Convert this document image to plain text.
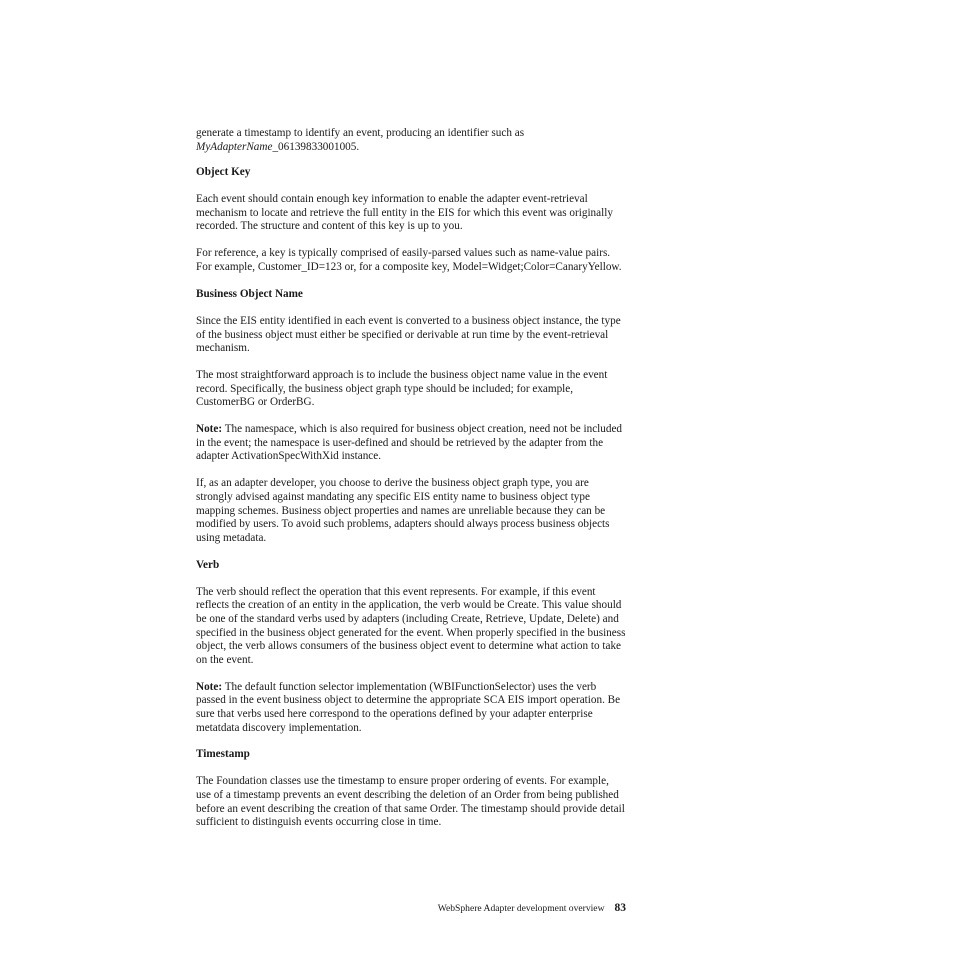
generate a timestamp to identify an event, producing an identifier such as
MyAdapterName_06139833001005.

Object Key

Each event should contain enough key information to enable the adapter event-retrieval mechanism to locate and retrieve the full entity in the EIS for which this event was originally recorded. The structure and content of this key is up to you.

For reference, a key is typically comprised of easily-parsed values such as name-value pairs. For example, Customer_ID=123 or, for a composite key, Model=Widget;Color=CanaryYellow.

Business Object Name

Since the EIS entity identified in each event is converted to a business object instance, the type of the business object must either be specified or derivable at run time by the event-retrieval mechanism.

The most straightforward approach is to include the business object name value in the event record. Specifically, the business object graph type should be included; for example, CustomerBG or OrderBG.

Note: The namespace, which is also required for business object creation, need not be included in the event; the namespace is user-defined and should be retrieved by the adapter from the adapter ActivationSpecWithXid instance.

If, as an adapter developer, you choose to derive the business object graph type, you are strongly advised against mandating any specific EIS entity name to business object type mapping schemes. Business object properties and names are unreliable because they can be modified by users. To avoid such problems, adapters should always process business objects using metadata.

Verb

The verb should reflect the operation that this event represents. For example, if this event reflects the creation of an entity in the application, the verb would be Create. This value should be one of the standard verbs used by adapters (including Create, Retrieve, Update, Delete) and specified in the business object generated for the event. When properly specified in the business object, the verb allows consumers of the business object event to determine what action to take on the event.

Note: The default function selector implementation (WBIFunctionSelector) uses the verb passed in the event business object to determine the appropriate SCA EIS import operation. Be sure that verbs used here correspond to the operations defined by your adapter enterprise metatdata discovery implementation.

Timestamp

The Foundation classes use the timestamp to ensure proper ordering of events. For example, use of a timestamp prevents an event describing the deletion of an Order from being published before an event describing the creation of that same Order. The timestamp should provide detail sufficient to distinguish events occurring close in time.

WebSphere Adapter development overview 83
